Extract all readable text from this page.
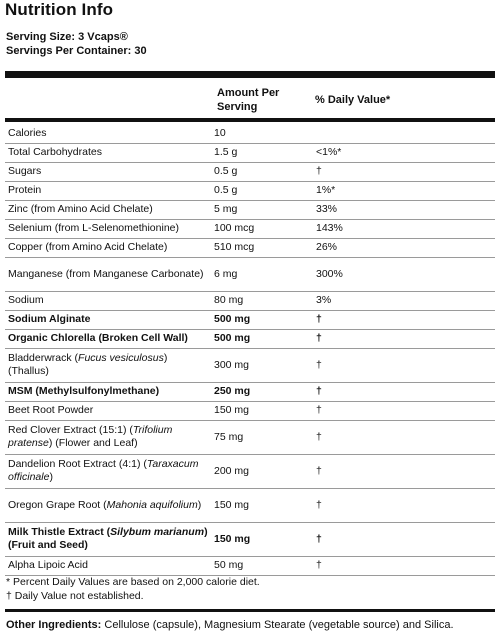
Nutrition Info
Serving Size: 3 Vcaps®
Servings Per Container: 30
Amount Per Serving
% Daily Value*
Calories	10	
Total Carbohydrates	1.5 g	<1%*
Sugars	0.5 g	†
Protein	0.5 g	1%*
Zinc (from Amino Acid Chelate)	5 mg	33%
Selenium (from L-Selenomethionine)	100 mcg	143%
Copper (from Amino Acid Chelate)	510 mcg	26%
Manganese (from Manganese Carbonate)	6 mg	300%
Sodium	80 mg	3%
Sodium Alginate	500 mg	†
Organic Chlorella (Broken Cell Wall)	500 mg	†
Bladderwrack (Fucus vesiculosus) (Thallus)	300 mg	†
MSM (Methylsulfonylmethane)	250 mg	†
Beet Root Powder	150 mg	†
Red Clover Extract (15:1) (Trifolium pratense) (Flower and Leaf)	75 mg	†
Dandelion Root Extract (4:1) (Taraxacum officinale)	200 mg	†
Oregon Grape Root (Mahonia aquifolium)	150 mg	†
Milk Thistle Extract (Silybum marianum) (Fruit and Seed)	150 mg	†
Alpha Lipoic Acid	50 mg	†
* Percent Daily Values are based on 2,000 calorie diet.
† Daily Value not established.
Other Ingredients: Cellulose (capsule), Magnesium Stearate (vegetable source) and Silica.
